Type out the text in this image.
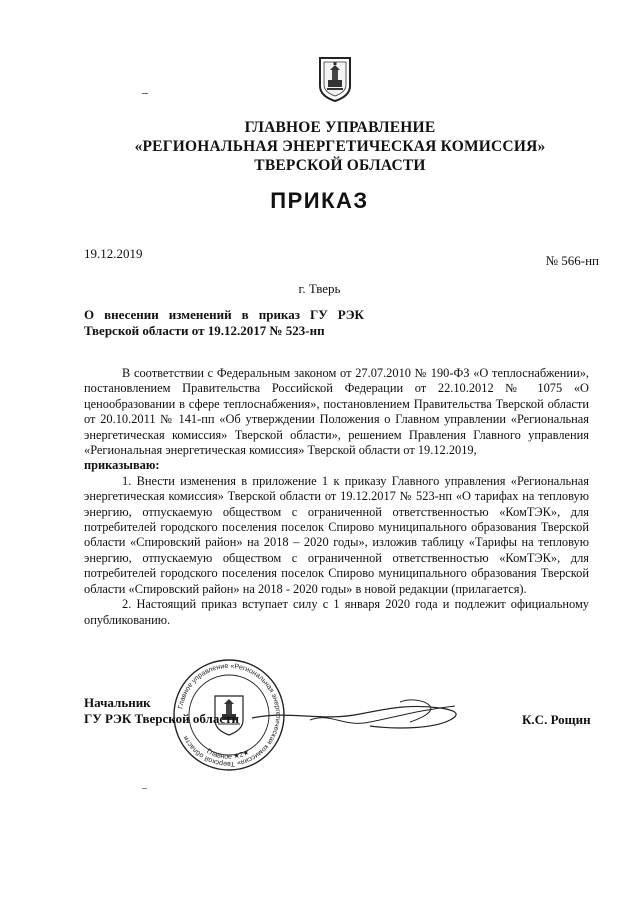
ГЛАВНОЕ УПРАВЛЕНИЕ
«РЕГИОНАЛЬНАЯ ЭНЕРГЕТИЧЕСКАЯ КОМИССИЯ»
ТВЕРСКОЙ ОБЛАСТИ
ПРИКАЗ
19.12.2019	№ 566-нп
г. Тверь
О внесении изменений в приказ ГУ РЭК
Тверской области от 19.12.2017 № 523-нп

В соответствии с Федеральным законом от 27.07.2010 № 190-ФЗ «О теплоснабжении», постановлением Правительства Российской Федерации от 22.10.2012 № 1075 «О ценообразовании в сфере теплоснабжения», постановлением Правительства Тверской области от 20.10.2011 № 141-пп «Об утверждении Положения о Главном управлении «Региональная энергетическая комиссия» Тверской области», решением Правления Главного управления «Региональная энергетическая комиссия» Тверской области от 19.12.2019,

приказываю:

1. Внести изменения в приложение 1 к приказу Главного управления «Региональная энергетическая комиссия» Тверской области от 19.12.2017 № 523-нп «О тарифах на тепловую энергию, отпускаемую обществом с ограниченной ответственностью «КомТЭК», для потребителей городского поселения поселок Спирово муниципального образования Тверской области «Спировский район» на 2018 – 2020 годы», изложив таблицу «Тарифы на тепловую энергию, отпускаемую обществом с ограниченной ответственностью «КомТЭК», для потребителей городского поселения поселок Спирово муниципального образования Тверской области «Спировский район» на 2018 - 2020 годы» в новой редакции (прилагается).

2. Настоящий приказ вступает силу с 1 января 2020 года и подлежит официальному опубликованию.

Главное управление «Региональная энергетическая комиссия» Тверской области
Главное ★2★
Начальник
ГУ РЭК Тверской области	К.С. Рощин
